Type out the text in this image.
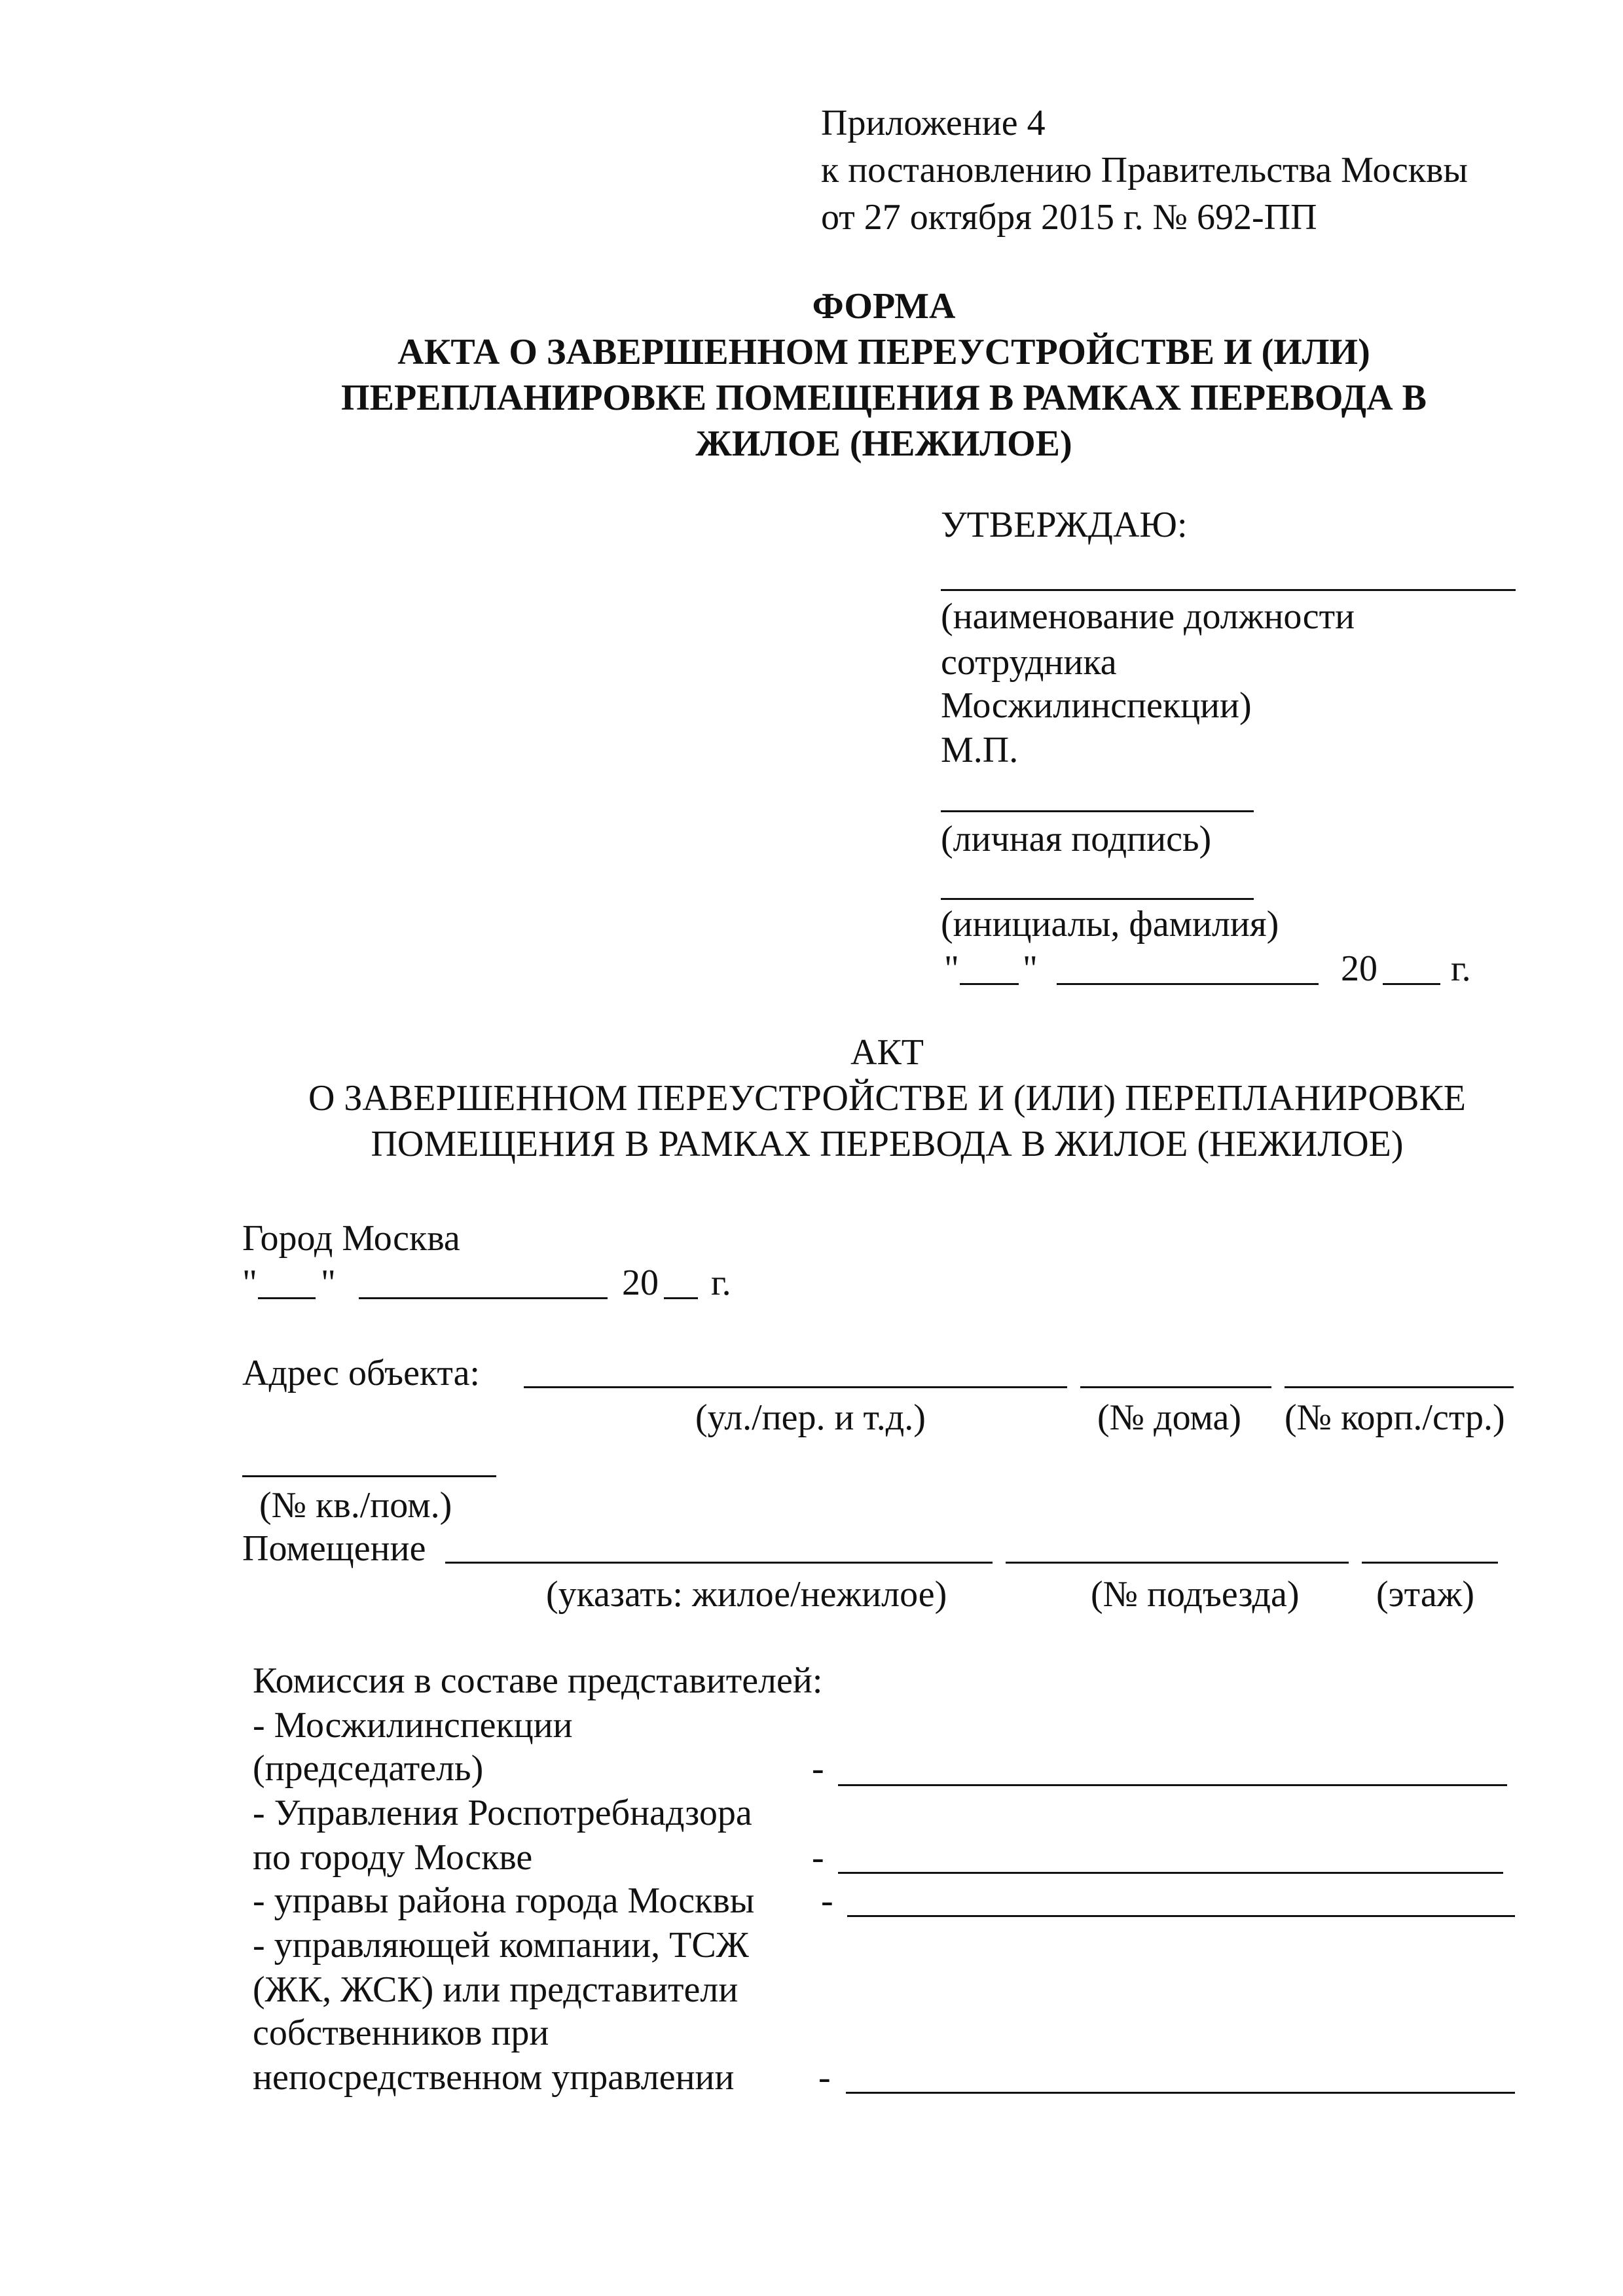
Приложение 4
к постановлению Правительства Москвы
от 27 октября 2015 г. № 692-ПП
ФОРМА
АКТА О ЗАВЕРШЕННОМ ПЕРЕУСТРОЙСТВЕ И (ИЛИ)
ПЕРЕПЛАНИРОВКЕ ПОМЕЩЕНИЯ В РАМКАХ ПЕРЕВОДА В
ЖИЛОЕ (НЕЖИЛОЕ)
УТВЕРЖДАЮ:
(наименование должности
сотрудника
Мосжилинспекции)
М.П.
(личная подпись)
(инициалы, фамилия)
" "	20 г.
АКТ
О ЗАВЕРШЕННОМ ПЕРЕУСТРОЙСТВЕ И (ИЛИ) ПЕРЕПЛАНИРОВКЕ
ПОМЕЩЕНИЯ В РАМКАХ ПЕРЕВОДА В ЖИЛОЕ (НЕЖИЛОЕ)
Город Москва
" "	20 г.
Адрес объекта:
(ул./пер. и т.д.)	(№ дома) (№ корп./стр.)
(№ кв./пом.)
Помещение
(указать: жилое/нежилое)	(№ подъезда) (этаж)
Комиссия в составе представителей:
- Мосжилинспекции
(председатель)	-
- Управления Роспотребнадзора
по городу Москве	-
- управы района города Москвы -
- управляющей компании, ТСЖ
(ЖК, ЖСК) или представители
собственников при
непосредственном управлении -
